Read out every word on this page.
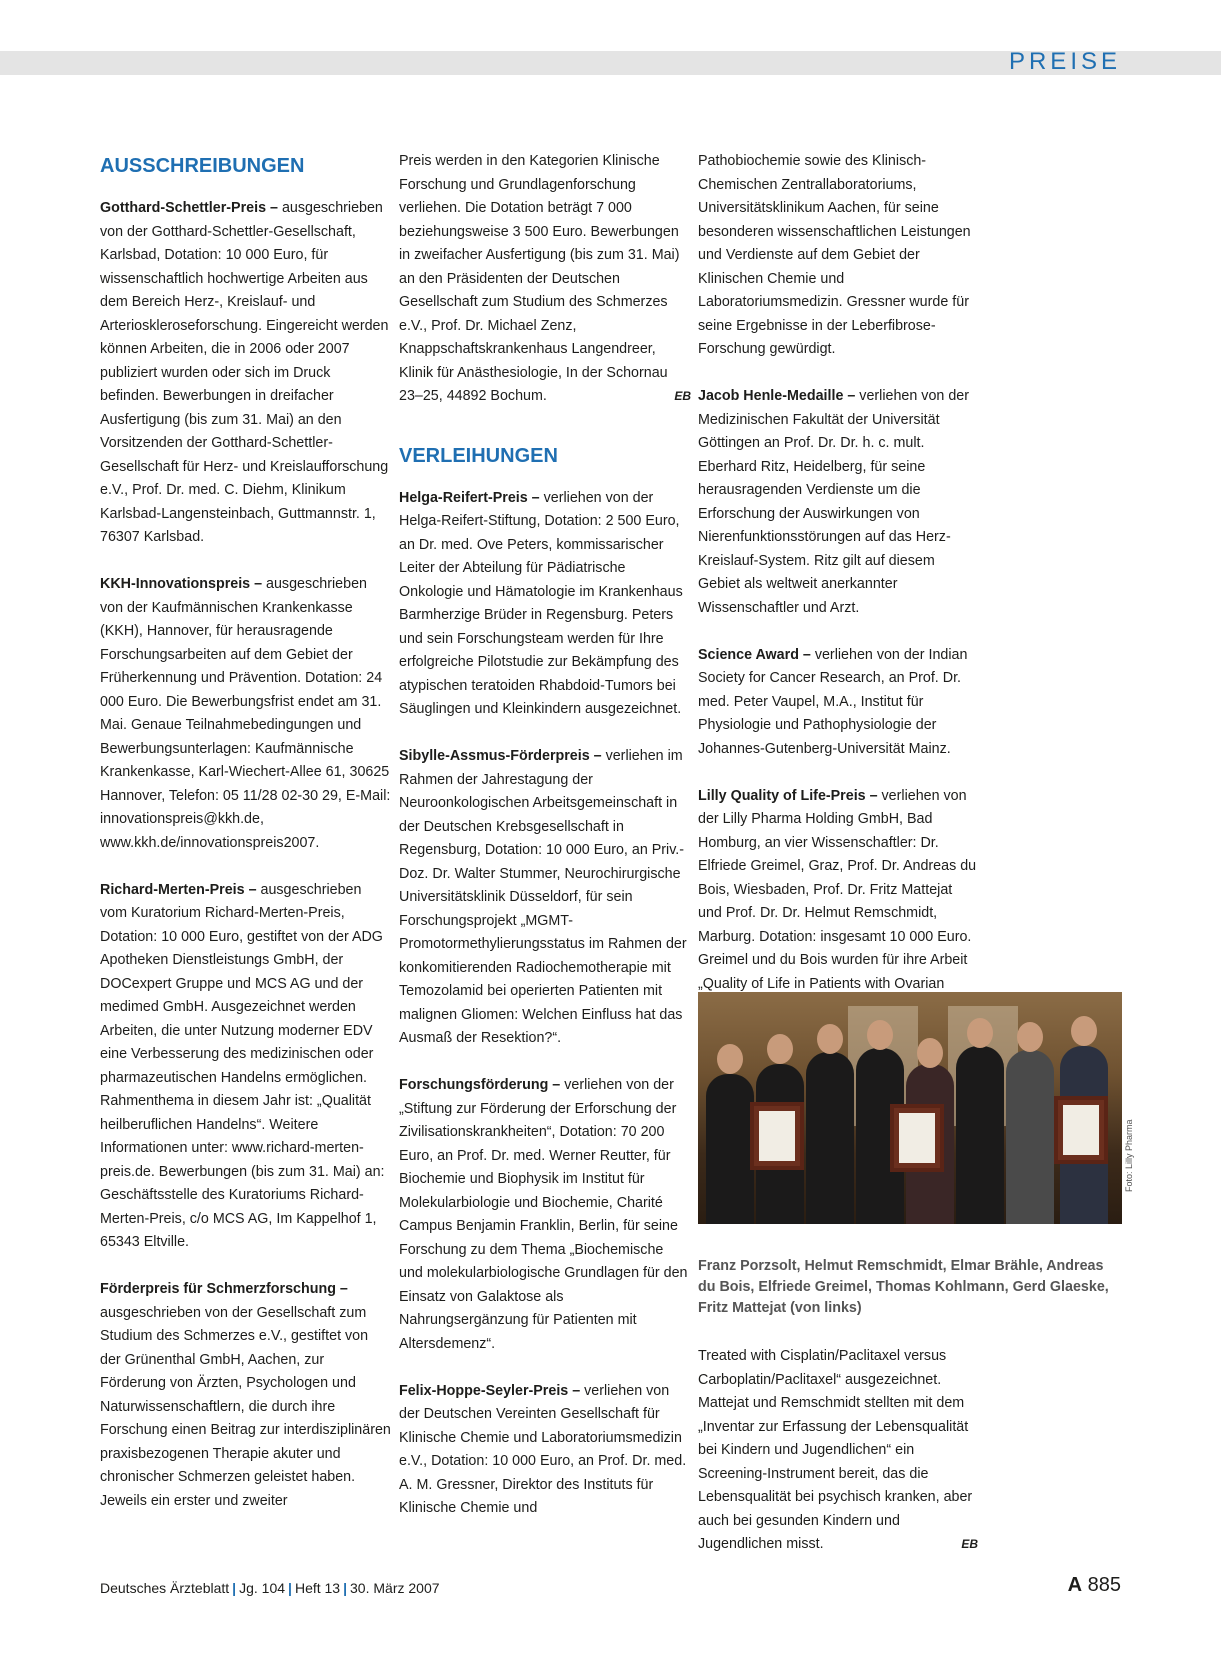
PREISE
AUSSCHREIBUNGEN

Gotthard-Schettler-Preis – ausgeschrieben von der Gotthard-Schettler-Gesellschaft, Karlsbad, Dotation: 10 000 Euro, für wissenschaftlich hochwertige Arbeiten aus dem Bereich Herz-, Kreislauf- und Arterioskleroseforschung. Eingereicht werden können Arbeiten, die in 2006 oder 2007 publiziert wurden oder sich im Druck befinden. Bewerbungen in dreifacher Ausfertigung (bis zum 31. Mai) an den Vorsitzenden der Gotthard-Schettler-Gesellschaft für Herz- und Kreislaufforschung e.V., Prof. Dr. med. C. Diehm, Klinikum Karlsbad-Langensteinbach, Guttmannstr. 1, 76307 Karlsbad.

KKH-Innovationspreis – ausgeschrieben von der Kaufmännischen Krankenkasse (KKH), Hannover, für herausragende Forschungsarbeiten auf dem Gebiet der Früherkennung und Prävention. Dotation: 24 000 Euro. Die Bewerbungsfrist endet am 31. Mai. Genaue Teilnahmebedingungen und Bewerbungsunterlagen: Kaufmännische Krankenkasse, Karl-Wiechert-Allee 61, 30625 Hannover, Telefon: 05 11/28 02-30 29, E-Mail: innovationspreis@kkh.de, www.kkh.de/innovationspreis2007.

Richard-Merten-Preis – ausgeschrieben vom Kuratorium Richard-Merten-Preis, Dotation: 10 000 Euro, gestiftet von der ADG Apotheken Dienstleistungs GmbH, der DOCexpert Gruppe und MCS AG und der medimed GmbH. Ausgezeichnet werden Arbeiten, die unter Nutzung moderner EDV eine Verbesserung des medizinischen oder pharmazeutischen Handelns ermöglichen. Rahmenthema in diesem Jahr ist: „Qualität heilberuflichen Handelns“. Weitere Informationen unter: www.richard-merten-preis.de. Bewerbungen (bis zum 31. Mai) an: Geschäftsstelle des Kuratoriums Richard-Merten-Preis, c/o MCS AG, Im Kappelhof 1, 65343 Eltville.

Förderpreis für Schmerzforschung – ausgeschrieben von der Gesellschaft zum Studium des Schmerzes e.V., gestiftet von der Grünenthal GmbH, Aachen, zur Förderung von Ärzten, Psychologen und Naturwissenschaftlern, die durch ihre Forschung einen Beitrag zur interdisziplinären praxisbezogenen Therapie akuter und chronischer Schmerzen geleistet haben. Jeweils ein erster und zweiter

Preis werden in den Kategorien Klinische Forschung und Grundlagenforschung verliehen. Die Dotation beträgt 7 000 beziehungsweise 3 500 Euro. Bewerbungen in zweifacher Ausfertigung (bis zum 31. Mai) an den Präsidenten der Deutschen Gesellschaft zum Studium des Schmerzes e.V., Prof. Dr. Michael Zenz, Knappschaftskrankenhaus Langendreer, Klinik für Anästhesiologie, In der Schornau 23–25, 44892 Bochum.	EB

VERLEIHUNGEN

Helga-Reifert-Preis – verliehen von der Helga-Reifert-Stiftung, Dotation: 2 500 Euro, an Dr. med. Ove Peters, kommissarischer Leiter der Abteilung für Pädiatrische Onkologie und Hämatologie im Krankenhaus Barmherzige Brüder in Regensburg. Peters und sein Forschungsteam werden für Ihre erfolgreiche Pilotstudie zur Bekämpfung des atypischen teratoiden Rhabdoid-Tumors bei Säuglingen und Kleinkindern ausgezeichnet.

Sibylle-Assmus-Förderpreis – verliehen im Rahmen der Jahrestagung der Neuroonkologischen Arbeitsgemeinschaft in der Deutschen Krebsgesellschaft in Regensburg, Dotation: 10 000 Euro, an Priv.-Doz. Dr. Walter Stummer, Neurochirurgische Universitätsklinik Düsseldorf, für sein Forschungsprojekt „MGMT-Promotormethylierungsstatus im Rahmen der konkomitierenden Radiochemotherapie mit Temozolamid bei operierten Patienten mit malignen Gliomen: Welchen Einfluss hat das Ausmaß der Resektion?“.

Forschungsförderung – verliehen von der „Stiftung zur Förderung der Erforschung der Zivilisationskrankheiten“, Dotation: 70 200 Euro, an Prof. Dr. med. Werner Reutter, für Biochemie und Biophysik im Institut für Molekularbiologie und Biochemie, Charité Campus Benjamin Franklin, Berlin, für seine Forschung zu dem Thema „Biochemische und molekularbiologische Grundlagen für den Einsatz von Galaktose als Nahrungsergänzung für Patienten mit Altersdemenz“.

Felix-Hoppe-Seyler-Preis – verliehen von der Deutschen Vereinten Gesellschaft für Klinische Chemie und Laboratoriumsmedizin e.V., Dotation: 10 000 Euro, an Prof. Dr. med. A. M. Gressner, Direktor des Instituts für Klinische Chemie und

Pathobiochemie sowie des Klinisch-Chemischen Zentrallaboratoriums, Universitätsklinikum Aachen, für seine besonderen wissenschaftlichen Leistungen und Verdienste auf dem Gebiet der Klinischen Chemie und Laboratoriumsmedizin. Gressner wurde für seine Ergebnisse in der Leberfibrose-Forschung gewürdigt.

Jacob Henle-Medaille – verliehen von der Medizinischen Fakultät der Universität Göttingen an Prof. Dr. Dr. h. c. mult. Eberhard Ritz, Heidelberg, für seine herausragenden Verdienste um die Erforschung der Auswirkungen von Nierenfunktionsstörungen auf das Herz-Kreislauf-System. Ritz gilt auf diesem Gebiet als weltweit anerkannter Wissenschaftler und Arzt.

Science Award – verliehen von der Indian Society for Cancer Research, an Prof. Dr. med. Peter Vaupel, M.A., Institut für Physiologie und Pathophysiologie der Johannes-Gutenberg-Universität Mainz.

Lilly Quality of Life-Preis – verliehen von der Lilly Pharma Holding GmbH, Bad Homburg, an vier Wissenschaftler: Dr. Elfriede Greimel, Graz, Prof. Dr. Andreas du Bois, Wiesbaden, Prof. Dr. Fritz Mattejat und Prof. Dr. Dr. Helmut Remschmidt, Marburg. Dotation: insgesamt 10 000 Euro. Greimel und du Bois wurden für ihre Arbeit „Quality of Life in Patients with Ovarian

Foto: Lilly Pharma
Franz Porzsolt, Helmut Remschmidt, Elmar Brähle, Andreas du Bois, Elfriede Greimel, Thomas Kohlmann, Gerd Glaeske, Fritz Mattejat (von links)

Treated with Cisplatin/Paclitaxel versus Carboplatin/Paclitaxel“ ausgezeichnet. Mattejat und Remschmidt stellten mit dem „Inventar zur Erfassung der Lebensqualität bei Kindern und Jugendlichen“ ein Screening-Instrument bereit, das die Lebensqualität bei psychisch kranken, aber auch bei gesunden Kindern und Jugendlichen misst.	EB

Deutsches Ärzteblatt | Jg. 104 | Heft 13 | 30. März 2007	A 885
